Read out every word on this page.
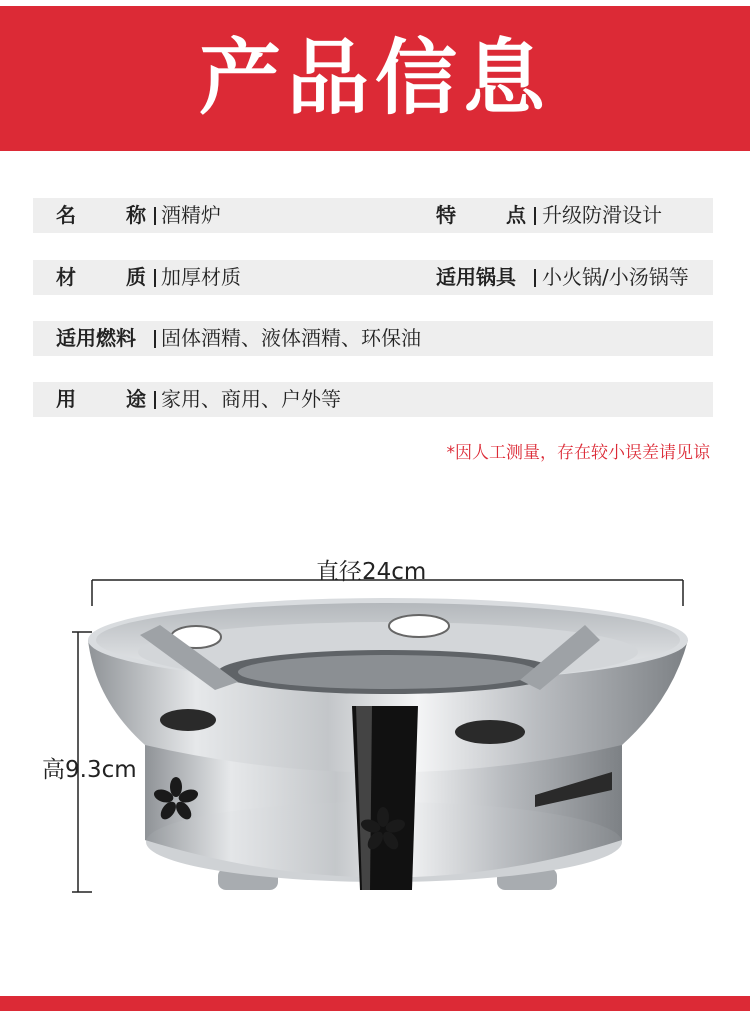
产品信息
名	称 酒精炉	特	点 升级防滑设计
材	质 加厚材质	适用锅具 小火锅/小汤锅等
适用燃料 固体酒精、液体酒精、环保油
用	途 家用、商用、户外等
*因人工测量，存在较小误差请见谅
直径24cm
高9.3cm
